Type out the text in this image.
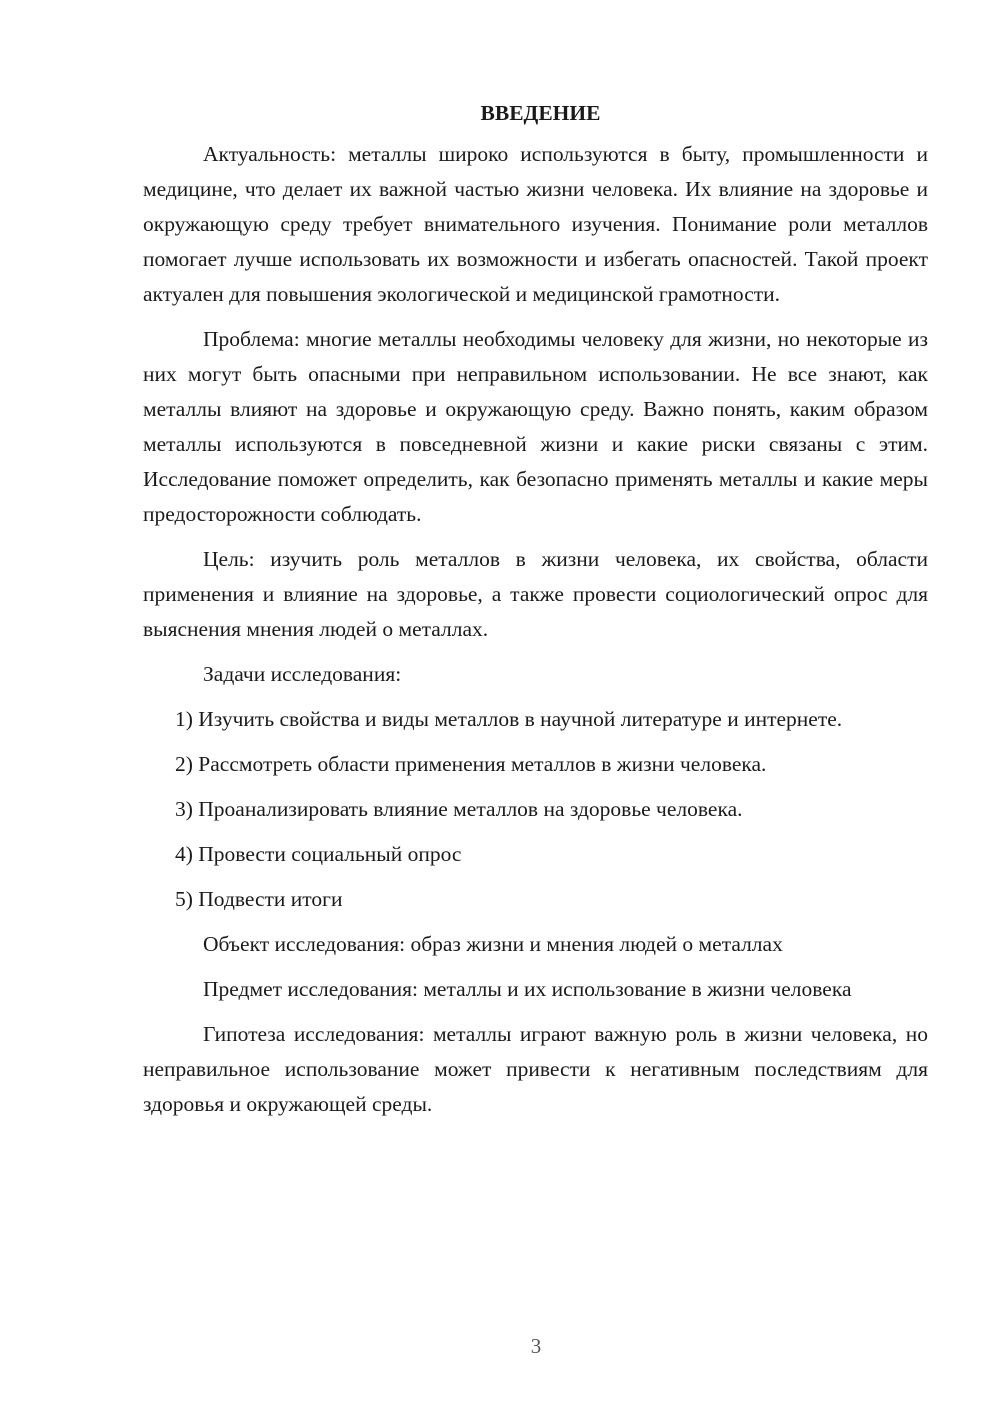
ВВЕДЕНИЕ

Актуальность: металлы широко используются в быту, промышленности и медицине, что делает их важной частью жизни человека. Их влияние на здоровье и окружающую среду требует внимательного изучения. Понимание роли металлов помогает лучше использовать их возможности и избегать опасностей. Такой проект актуален для повышения экологической и медицинской грамотности.

Проблема: многие металлы необходимы человеку для жизни, но некоторые из них могут быть опасными при неправильном использовании. Не все знают, как металлы влияют на здоровье и окружающую среду. Важно понять, каким образом металлы используются в повседневной жизни и какие риски связаны с этим. Исследование поможет определить, как безопасно применять металлы и какие меры предосторожности соблюдать.

Цель: изучить роль металлов в жизни человека, их свойства, области применения и влияние на здоровье, а также провести социологический опрос для выяснения мнения людей о металлах.

Задачи исследования:

1) Изучить свойства и виды металлов в научной литературе и интернете.

2) Рассмотреть области применения металлов в жизни человека.

3) Проанализировать влияние металлов на здоровье человека.

4) Провести социальный опрос

5) Подвести итоги

Объект исследования: образ жизни и мнения людей о металлах

Предмет исследования: металлы и их использование в жизни человека

Гипотеза исследования: металлы играют важную роль в жизни человека, но неправильное использование может привести к негативным последствиям для здоровья и окружающей среды.

3
